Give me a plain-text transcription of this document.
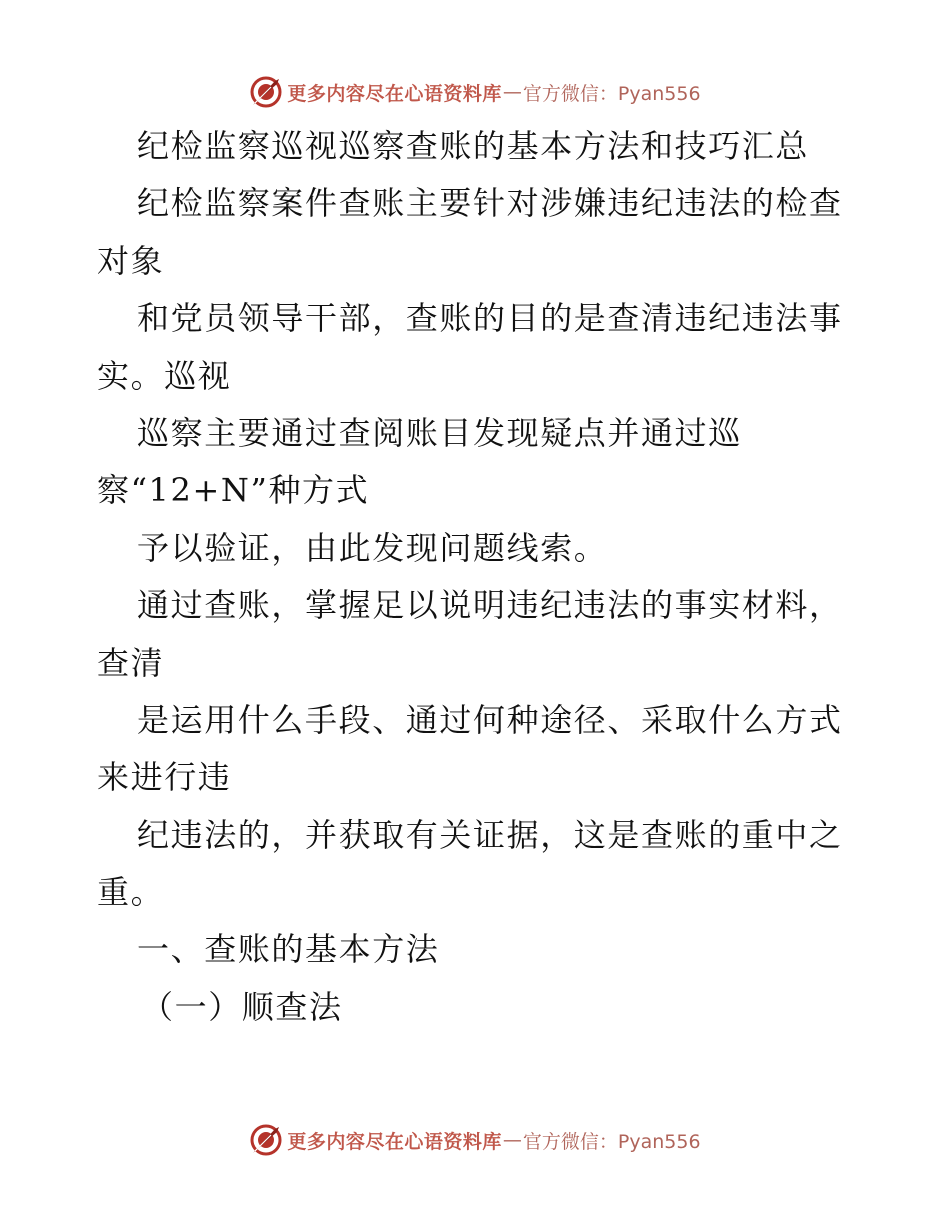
更多内容尽在心语资料库 — 官方微信：Pyan556
纪检监察巡视巡察查账的基本方法和技巧汇总
纪检监察案件查账主要针对涉嫌违纪违法的检查
对象
和党员领导干部，查账的目的是查清违纪违法事
实。巡视
巡察主要通过查阅账目发现疑点并通过巡
察“12+N”种方式
予以验证，由此发现问题线索。
通过查账，掌握足以说明违纪违法的事实材料，
查清
是运用什么手段、通过何种途径、采取什么方式
来进行违
纪违法的，并获取有关证据，这是查账的重中之
重。
一、查账的基本方法
（一）顺查法
更多内容尽在心语资料库 — 官方微信：Pyan556
